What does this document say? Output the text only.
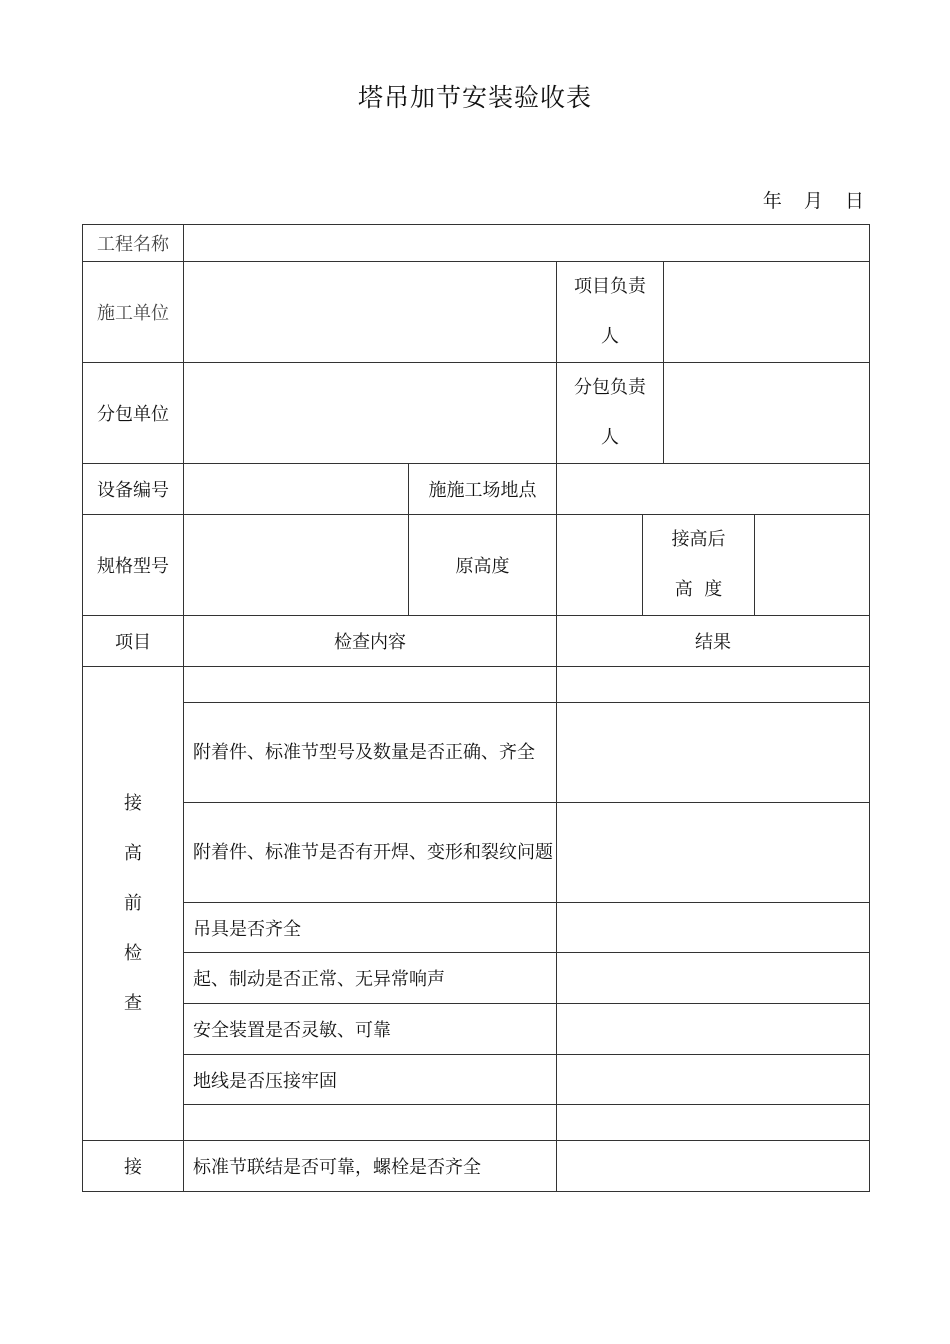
塔吊加节安装验收表
年 月 日
工程名称						
施工单位			项目负责
人			
分包单位			分包负责
人			
设备编号		施施工场地点				
规格型号		原高度		接高后
高  度		
项目	检查内容		结果			

接
高
前
检
查						

	附着件、标准节型号及数量是否正确、齐全					
	附着件、标准节是否有开焊、变形和裂纹问题					
	吊具是否齐全					
	起、制动是否正常、无异常响声					
	安全装置是否灵敏、可靠					
	地线是否压接牢固					

接	标准节联结是否可靠，螺栓是否齐全					
